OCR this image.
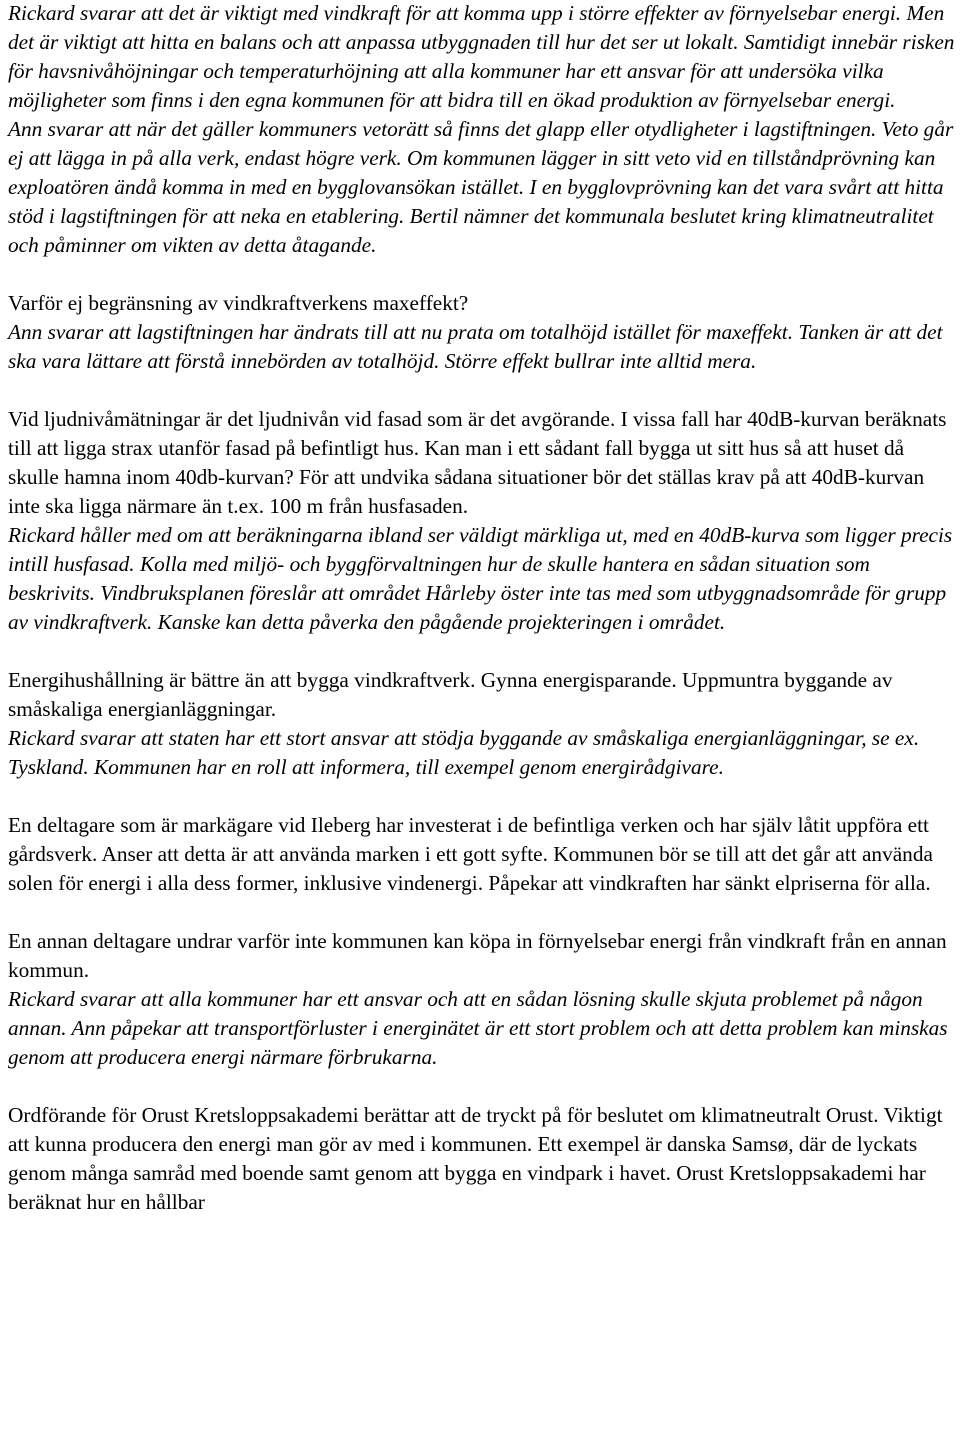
Rickard svarar att det är viktigt med vindkraft för att komma upp i större effekter av förnyelsebar energi. Men det är viktigt att hitta en balans och att anpassa utbyggnaden till hur det ser ut lokalt. Samtidigt innebär risken för havsnivåhöjningar och temperaturhöjning att alla kommuner har ett ansvar för att undersöka vilka möjligheter som finns i den egna kommunen för att bidra till en ökad produktion av förnyelsebar energi.
Ann svarar att när det gäller kommuners vetorätt så finns det glapp eller otydligheter i lagstiftningen. Veto går ej att lägga in på alla verk, endast högre verk. Om kommunen lägger in sitt veto vid en tillståndprövning kan exploatören ändå komma in med en bygglovansökan istället. I en bygglovprövning kan det vara svårt att hitta stöd i lagstiftningen för att neka en etablering. Bertil nämner det kommunala beslutet kring klimatneutralitet och påminner om vikten av detta åtagande.

Varför ej begränsning av vindkraftverkens maxeffekt?
Ann svarar att lagstiftningen har ändrats till att nu prata om totalhöjd istället för maxeffekt. Tanken är att det ska vara lättare att förstå innebörden av totalhöjd. Större effekt bullrar inte alltid mera.

Vid ljudnivåmätningar är det ljudnivån vid fasad som är det avgörande. I vissa fall har 40dB-kurvan beräknats till att ligga strax utanför fasad på befintligt hus. Kan man i ett sådant fall bygga ut sitt hus så att huset då skulle hamna inom 40db-kurvan? För att undvika sådana situationer bör det ställas krav på att 40dB-kurvan inte ska ligga närmare än t.ex. 100 m från husfasaden.
Rickard håller med om att beräkningarna ibland ser väldigt märkliga ut, med en 40dB-kurva som ligger precis intill husfasad. Kolla med miljö- och byggförvaltningen hur de skulle hantera en sådan situation som beskrivits. Vindbruksplanen föreslår att området Hårleby öster inte tas med som utbyggnadsområde för grupp av vindkraftverk. Kanske kan detta påverka den pågående projekteringen i området.

Energihushållning är bättre än att bygga vindkraftverk. Gynna energisparande. Uppmuntra byggande av småskaliga energianläggningar.
Rickard svarar att staten har ett stort ansvar att stödja byggande av småskaliga energianläggningar, se ex. Tyskland. Kommunen har en roll att informera, till exempel genom energirådgivare.

En deltagare som är markägare vid Ileberg har investerat i de befintliga verken och har själv låtit uppföra ett gårdsverk. Anser att detta är att använda marken i ett gott syfte. Kommunen bör se till att det går att använda solen för energi i alla dess former, inklusive vindenergi. Påpekar att vindkraften har sänkt elpriserna för alla.

En annan deltagare undrar varför inte kommunen kan köpa in förnyelsebar energi från vindkraft från en annan kommun.
Rickard svarar att alla kommuner har ett ansvar och att en sådan lösning skulle skjuta problemet på någon annan. Ann påpekar att transportförluster i energinätet är ett stort problem och att detta problem kan minskas genom att producera energi närmare förbrukarna.

Ordförande för Orust Kretsloppsakademi berättar att de tryckt på för beslutet om klimatneutralt Orust. Viktigt att kunna producera den energi man gör av med i kommunen. Ett exempel är danska Samsø, där de lyckats genom många samråd med boende samt genom att bygga en vindpark i havet. Orust Kretsloppsakademi har beräknat hur en hållbar
